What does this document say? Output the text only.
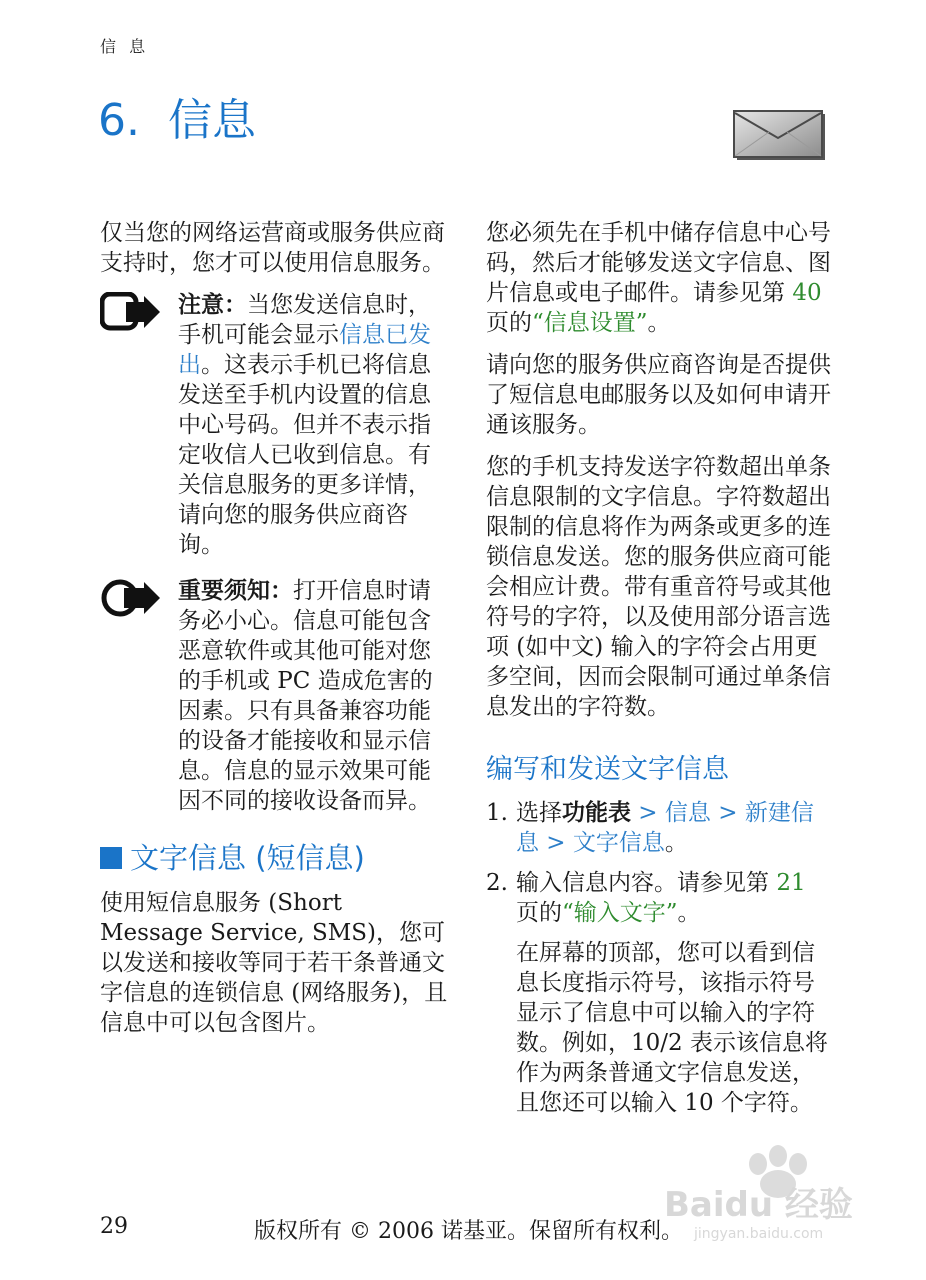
信 息
6.  信息

仅当您的网络运营商或服务供应商支持时，您才可以使用信息服务。

注意：当您发送信息时，手机可能会显示信息已发出。这表示手机已将信息发送至手机内设置的信息中心号码。但并不表示指定收信人已收到信息。有关信息服务的更多详情，请向您的服务供应商咨询。
重要须知：打开信息时请务必小心。信息可能包含恶意软件或其他可能对您的手机或 PC 造成危害的因素。只有具备兼容功能的设备才能接收和显示信息。信息的显示效果可能因不同的接收设备而异。
文字信息 (短信息)

使用短信息服务 (Short Message Service, SMS)，您可以发送和接收等同于若干条普通文字信息的连锁信息 (网络服务)，且信息中可以包含图片。

您必须先在手机中储存信息中心号码，然后才能够发送文字信息、图片信息或电子邮件。请参见第 40 页的“信息设置”。

请向您的服务供应商咨询是否提供了短信息电邮服务以及如何申请开通该服务。

您的手机支持发送字符数超出单条信息限制的文字信息。字符数超出限制的信息将作为两条或更多的连锁信息发送。您的服务供应商可能会相应计费。带有重音符号或其他符号的字符，以及使用部分语言选项 (如中文) 输入的字符会占用更多空间，因而会限制可通过单条信息发出的字符数。

编写和发送文字信息
1. 选择功能表 > 信息 > 新建信息 > 文字信息。
2. 输入信息内容。请参见第 21 页的“输入文字”。

在屏幕的顶部，您可以看到信息长度指示符号，该指示符号显示了信息中可以输入的字符数。例如，10/2 表示该信息将作为两条普通文字信息发送，且您还可以输入 10 个字符。

Baidu 经验
jingyan.baidu.com
29	版权所有 © 2006 诺基亚。保留所有权利。
